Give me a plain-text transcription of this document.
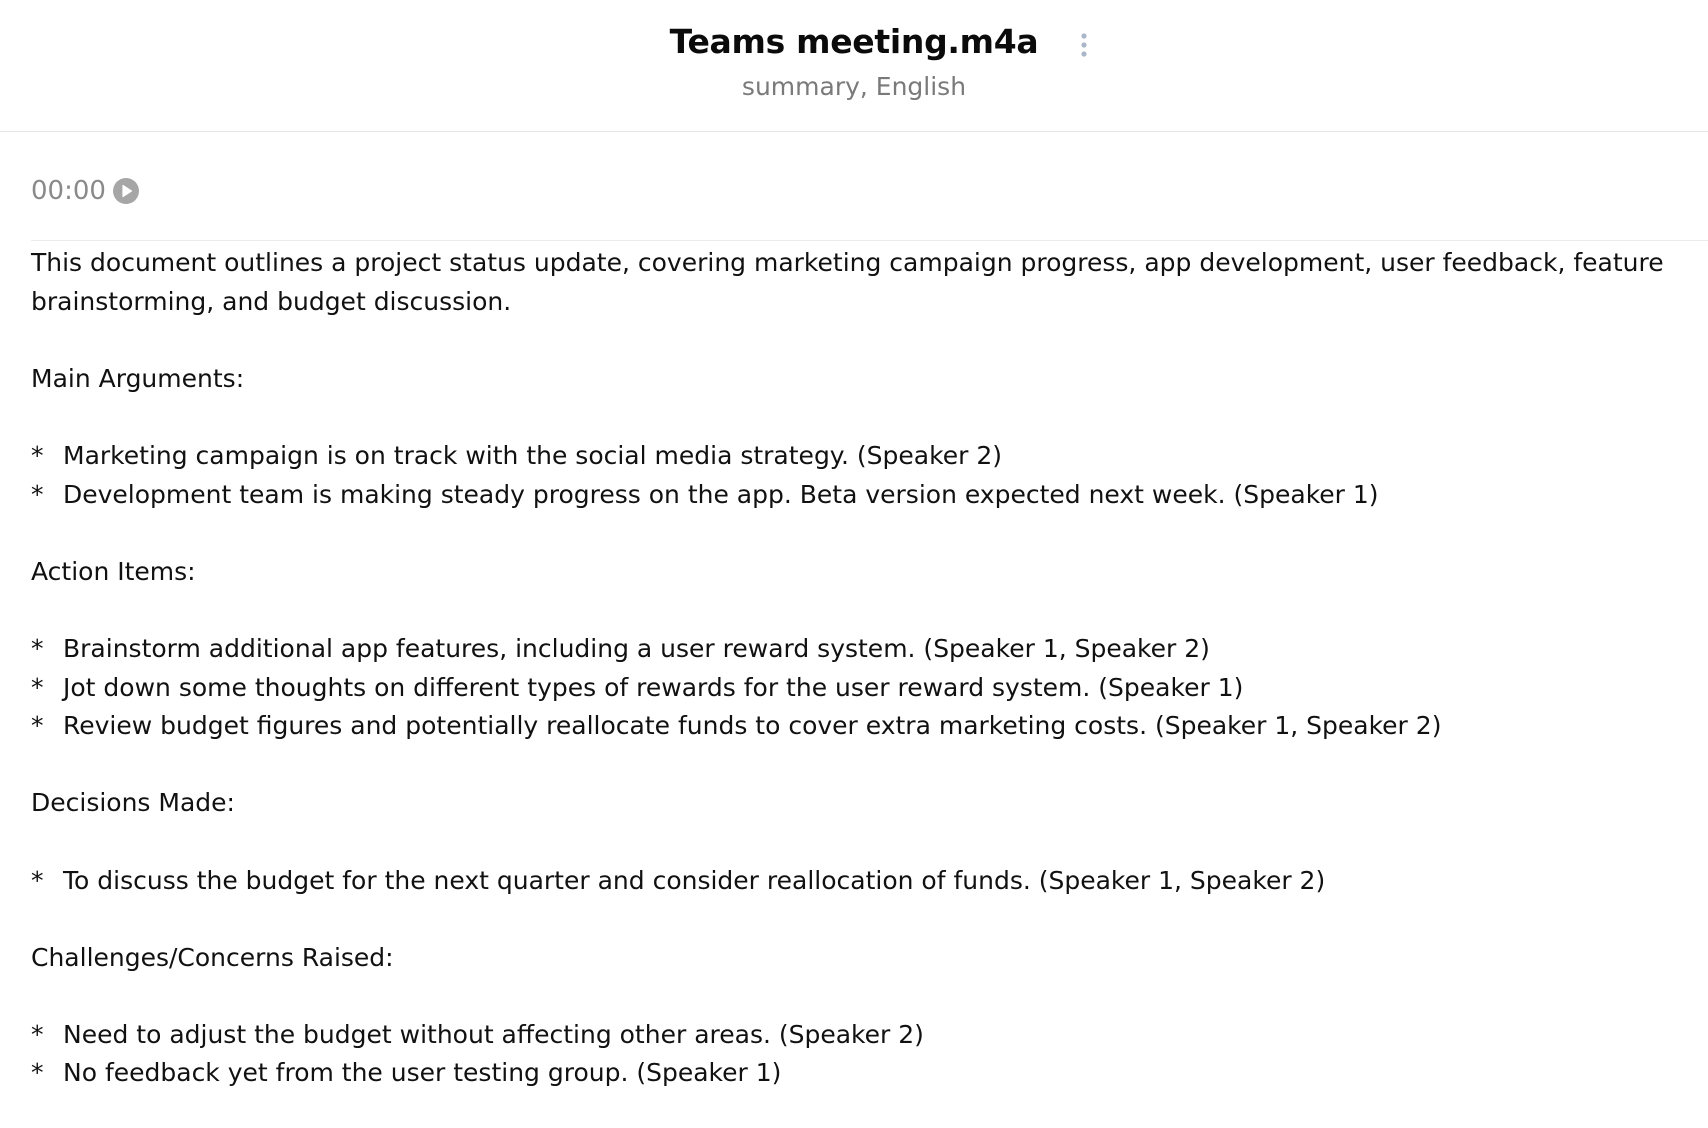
Teams meeting.m4a
summary, English
00:00

This document outlines a project status update, covering marketing campaign progress, app development, user feedback, feature brainstorming, and budget discussion.

Main Arguments:

* Marketing campaign is on track with the social media strategy. (Speaker 2)
* Development team is making steady progress on the app. Beta version expected next week. (Speaker 1)

Action Items:

* Brainstorm additional app features, including a user reward system. (Speaker 1, Speaker 2)
* Jot down some thoughts on different types of rewards for the user reward system. (Speaker 1)
* Review budget figures and potentially reallocate funds to cover extra marketing costs. (Speaker 1, Speaker 2)

Decisions Made:

* To discuss the budget for the next quarter and consider reallocation of funds. (Speaker 1, Speaker 2)

Challenges/Concerns Raised:

* Need to adjust the budget without affecting other areas. (Speaker 2)
* No feedback yet from the user testing group. (Speaker 1)
